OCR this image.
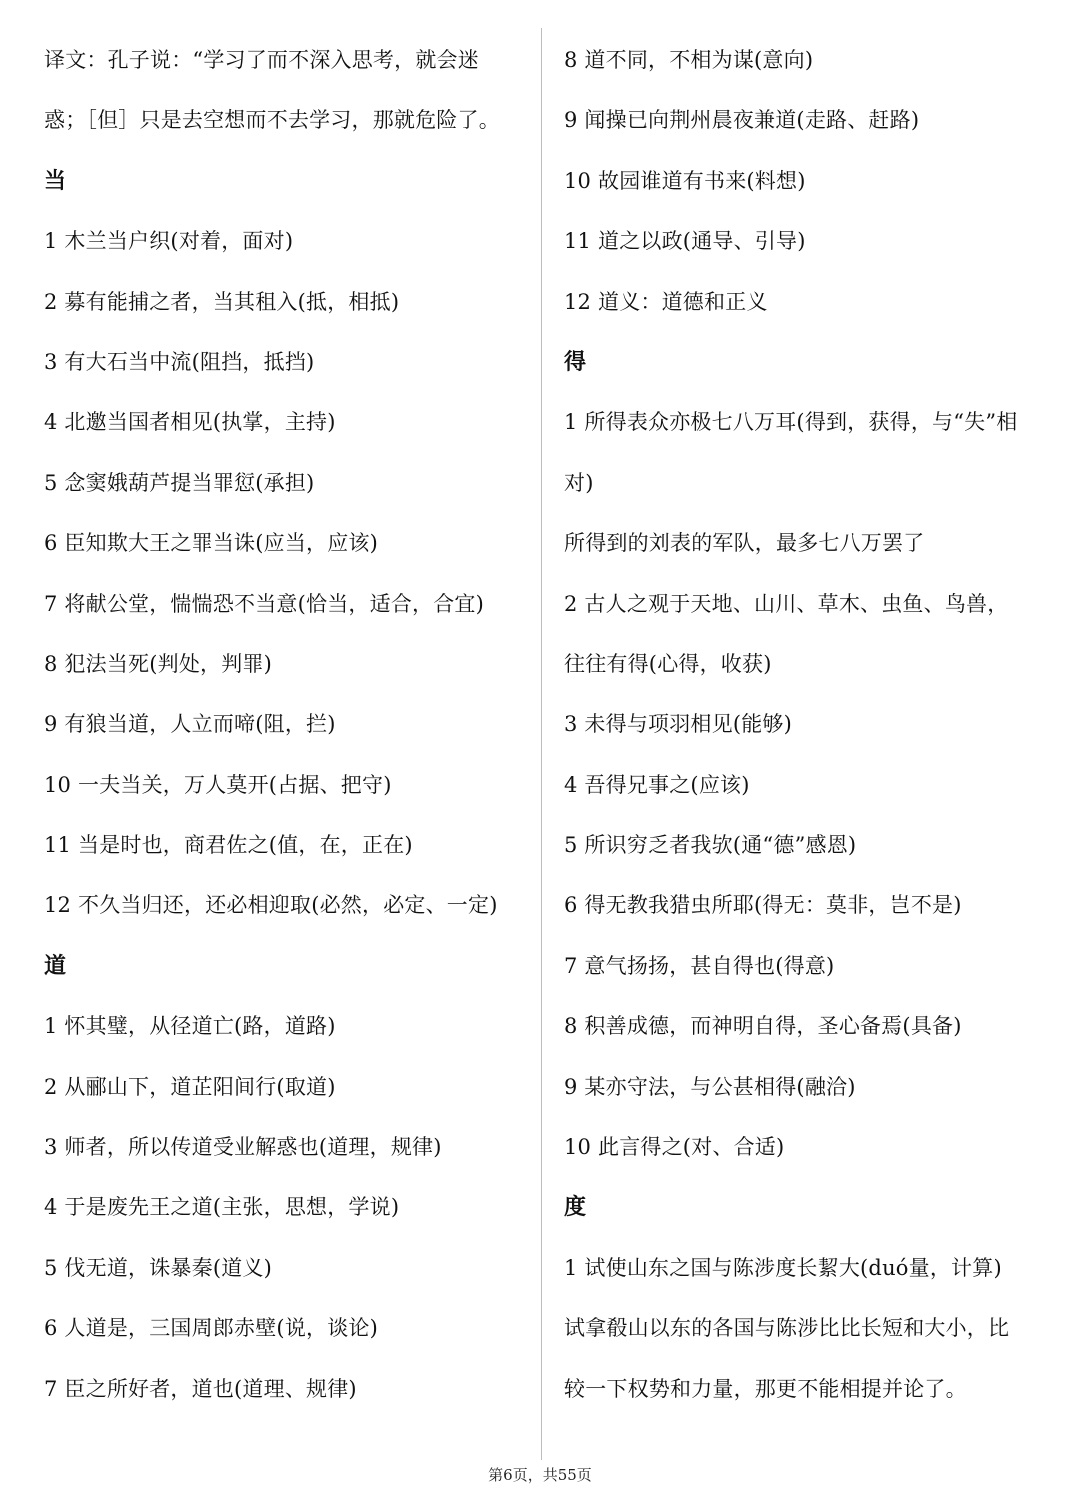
译文：孔子说：“学习了而不深入思考，就会迷
惑；［但］只是去空想而不去学习，那就危险了。
当
1 木兰当户织(对着，面对)
2 募有能捕之者，当其租入(抵，相抵)
3 有大石当中流(阻挡，抵挡)
4 北邀当国者相见(执掌，主持)
5 念窦娥葫芦提当罪愆(承担)
6 臣知欺大王之罪当诛(应当，应该)
7 将献公堂，惴惴恐不当意(恰当，适合，合宜)
8 犯法当死(判处，判罪)
9 有狼当道，人立而啼(阻，拦)
10 一夫当关，万人莫开(占据、把守)
11 当是时也，商君佐之(值，在，正在)
12 不久当归还，还必相迎取(必然，必定、一定)
道
1 怀其璧，从径道亡(路，道路)
2 从郦山下，道芷阳间行(取道)
3 师者，所以传道受业解惑也(道理，规律)
4 于是废先王之道(主张，思想，学说)
5 伐无道，诛暴秦(道义)
6 人道是，三国周郎赤壁(说，谈论)
7 臣之所好者，道也(道理、规律)
8 道不同，不相为谋(意向)
9 闻操已向荆州晨夜兼道(走路、赶路)
10 故园谁道有书来(料想)
11 道之以政(通导、引导)
12 道义：道德和正义
得
1 所得表众亦极七八万耳(得到，获得，与“失”相
对)
所得到的刘表的军队，最多七八万罢了
2 古人之观于天地、山川、草木、虫鱼、鸟兽，
往往有得(心得，收获)
3 未得与项羽相见(能够)
4 吾得兄事之(应该)
5 所识穷乏者我欤(通“德”感恩)
6 得无教我猎虫所耶(得无：莫非，岂不是)
7 意气扬扬，甚自得也(得意)
8 积善成德，而神明自得，圣心备焉(具备)
9 某亦守法，与公甚相得(融洽)
10 此言得之(对、合适)
度
1 试使山东之国与陈涉度长絜大(duó量，计算)
试拿殽山以东的各国与陈涉比比长短和大小，比
较一下权势和力量，那更不能相提并论了。
第6页，共55页
